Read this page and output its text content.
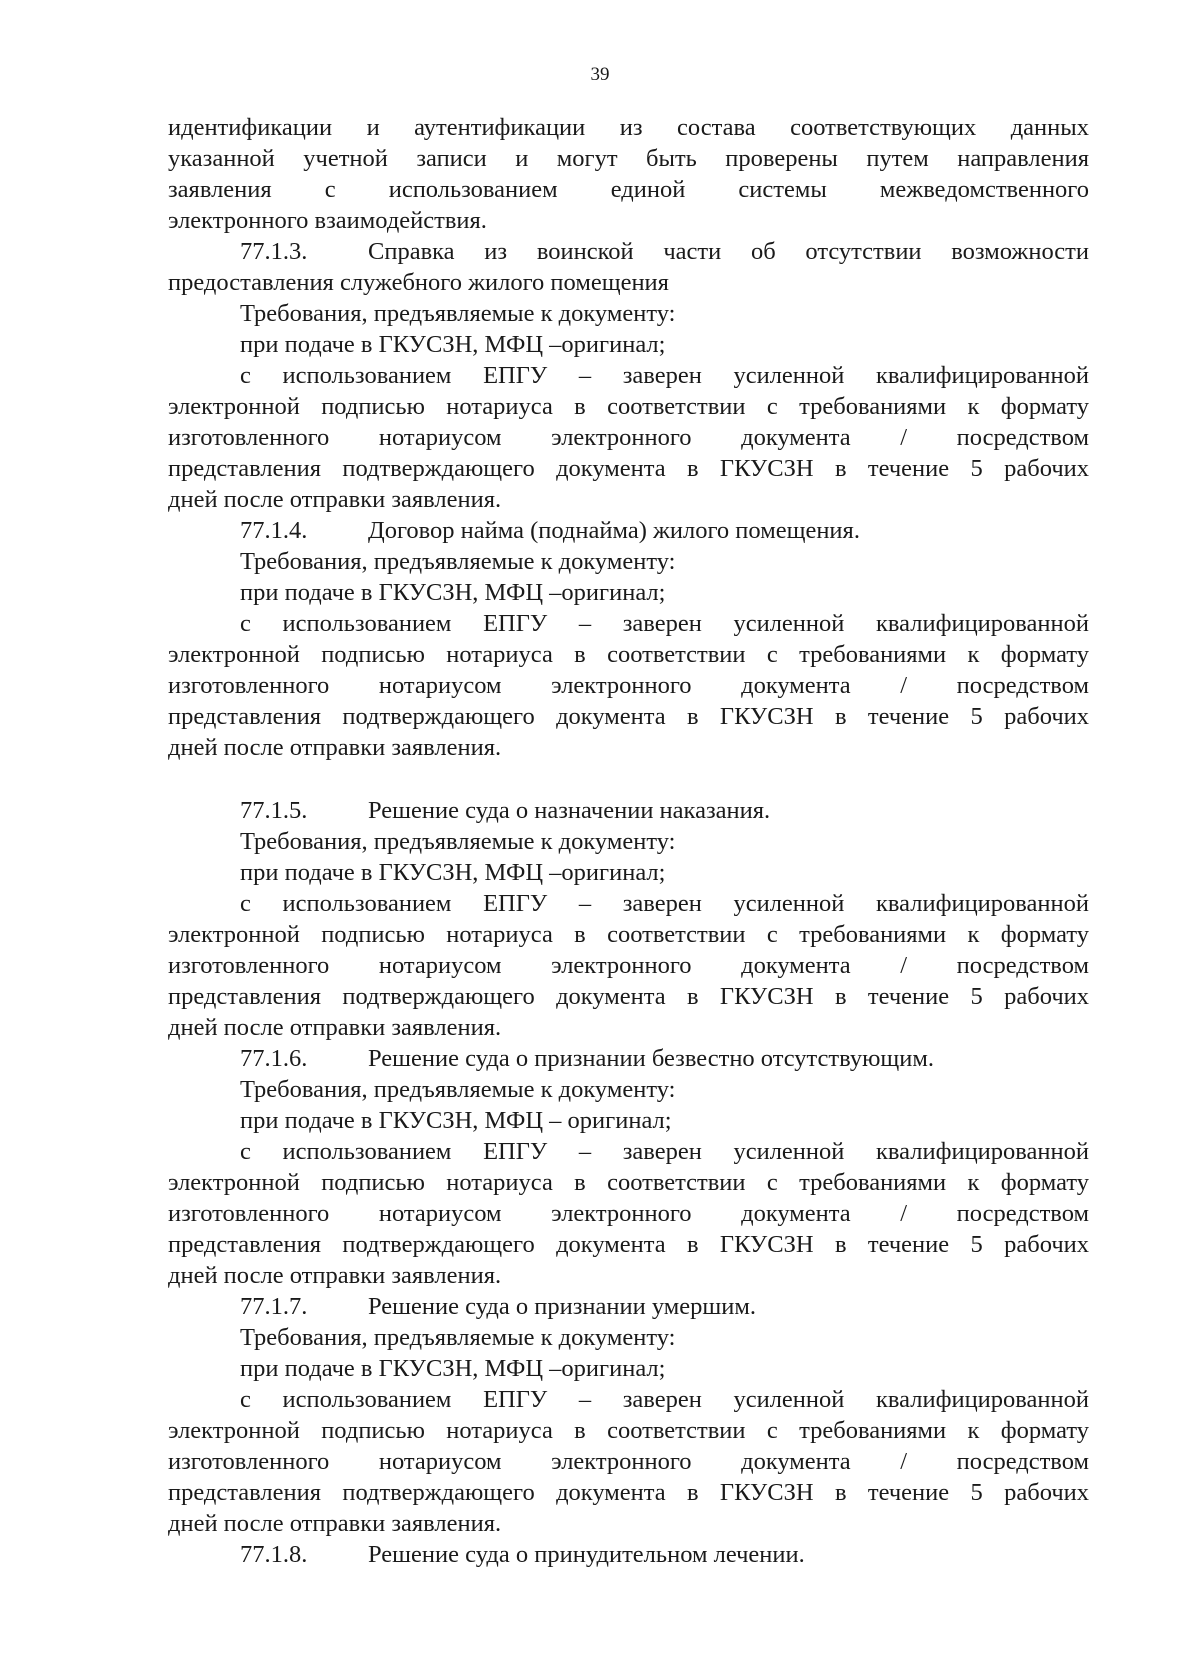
39
идентификации и аутентификации из состава соответствующих данных
указанной учетной записи и могут быть проверены путем направления
заявления с использованием единой системы межведомственного
электронного взаимодействия.
77.1.3.	Справка из воинской части об отсутствии возможности
предоставления служебного жилого помещения
Требования, предъявляемые к документу:
при подаче в ГКУСЗН, МФЦ –оригинал;
с использованием ЕПГУ – заверен усиленной квалифицированной
электронной подписью нотариуса в соответствии с требованиями к формату
изготовленного нотариусом электронного документа / посредством
представления подтверждающего документа в ГКУСЗН в течение 5 рабочих
дней после отправки заявления.
77.1.4.	Договор найма (поднайма) жилого помещения.
Требования, предъявляемые к документу:
при подаче в ГКУСЗН, МФЦ –оригинал;
с использованием ЕПГУ – заверен усиленной квалифицированной
электронной подписью нотариуса в соответствии с требованиями к формату
изготовленного нотариусом электронного документа / посредством
представления подтверждающего документа в ГКУСЗН в течение 5 рабочих
дней после отправки заявления.
77.1.5.	Решение суда о назначении наказания.
Требования, предъявляемые к документу:
при подаче в ГКУСЗН, МФЦ –оригинал;
с использованием ЕПГУ – заверен усиленной квалифицированной
электронной подписью нотариуса в соответствии с требованиями к формату
изготовленного нотариусом электронного документа / посредством
представления подтверждающего документа в ГКУСЗН в течение 5 рабочих
дней после отправки заявления.
77.1.6.	Решение суда о признании безвестно отсутствующим.
Требования, предъявляемые к документу:
при подаче в ГКУСЗН, МФЦ – оригинал;
с использованием ЕПГУ – заверен усиленной квалифицированной
электронной подписью нотариуса в соответствии с требованиями к формату
изготовленного нотариусом электронного документа / посредством
представления подтверждающего документа в ГКУСЗН в течение 5 рабочих
дней после отправки заявления.
77.1.7.	Решение суда о признании умершим.
Требования, предъявляемые к документу:
при подаче в ГКУСЗН, МФЦ –оригинал;
с использованием ЕПГУ – заверен усиленной квалифицированной
электронной подписью нотариуса в соответствии с требованиями к формату
изготовленного нотариусом электронного документа / посредством
представления подтверждающего документа в ГКУСЗН в течение 5 рабочих
дней после отправки заявления.
77.1.8.	Решение суда о принудительном лечении.
